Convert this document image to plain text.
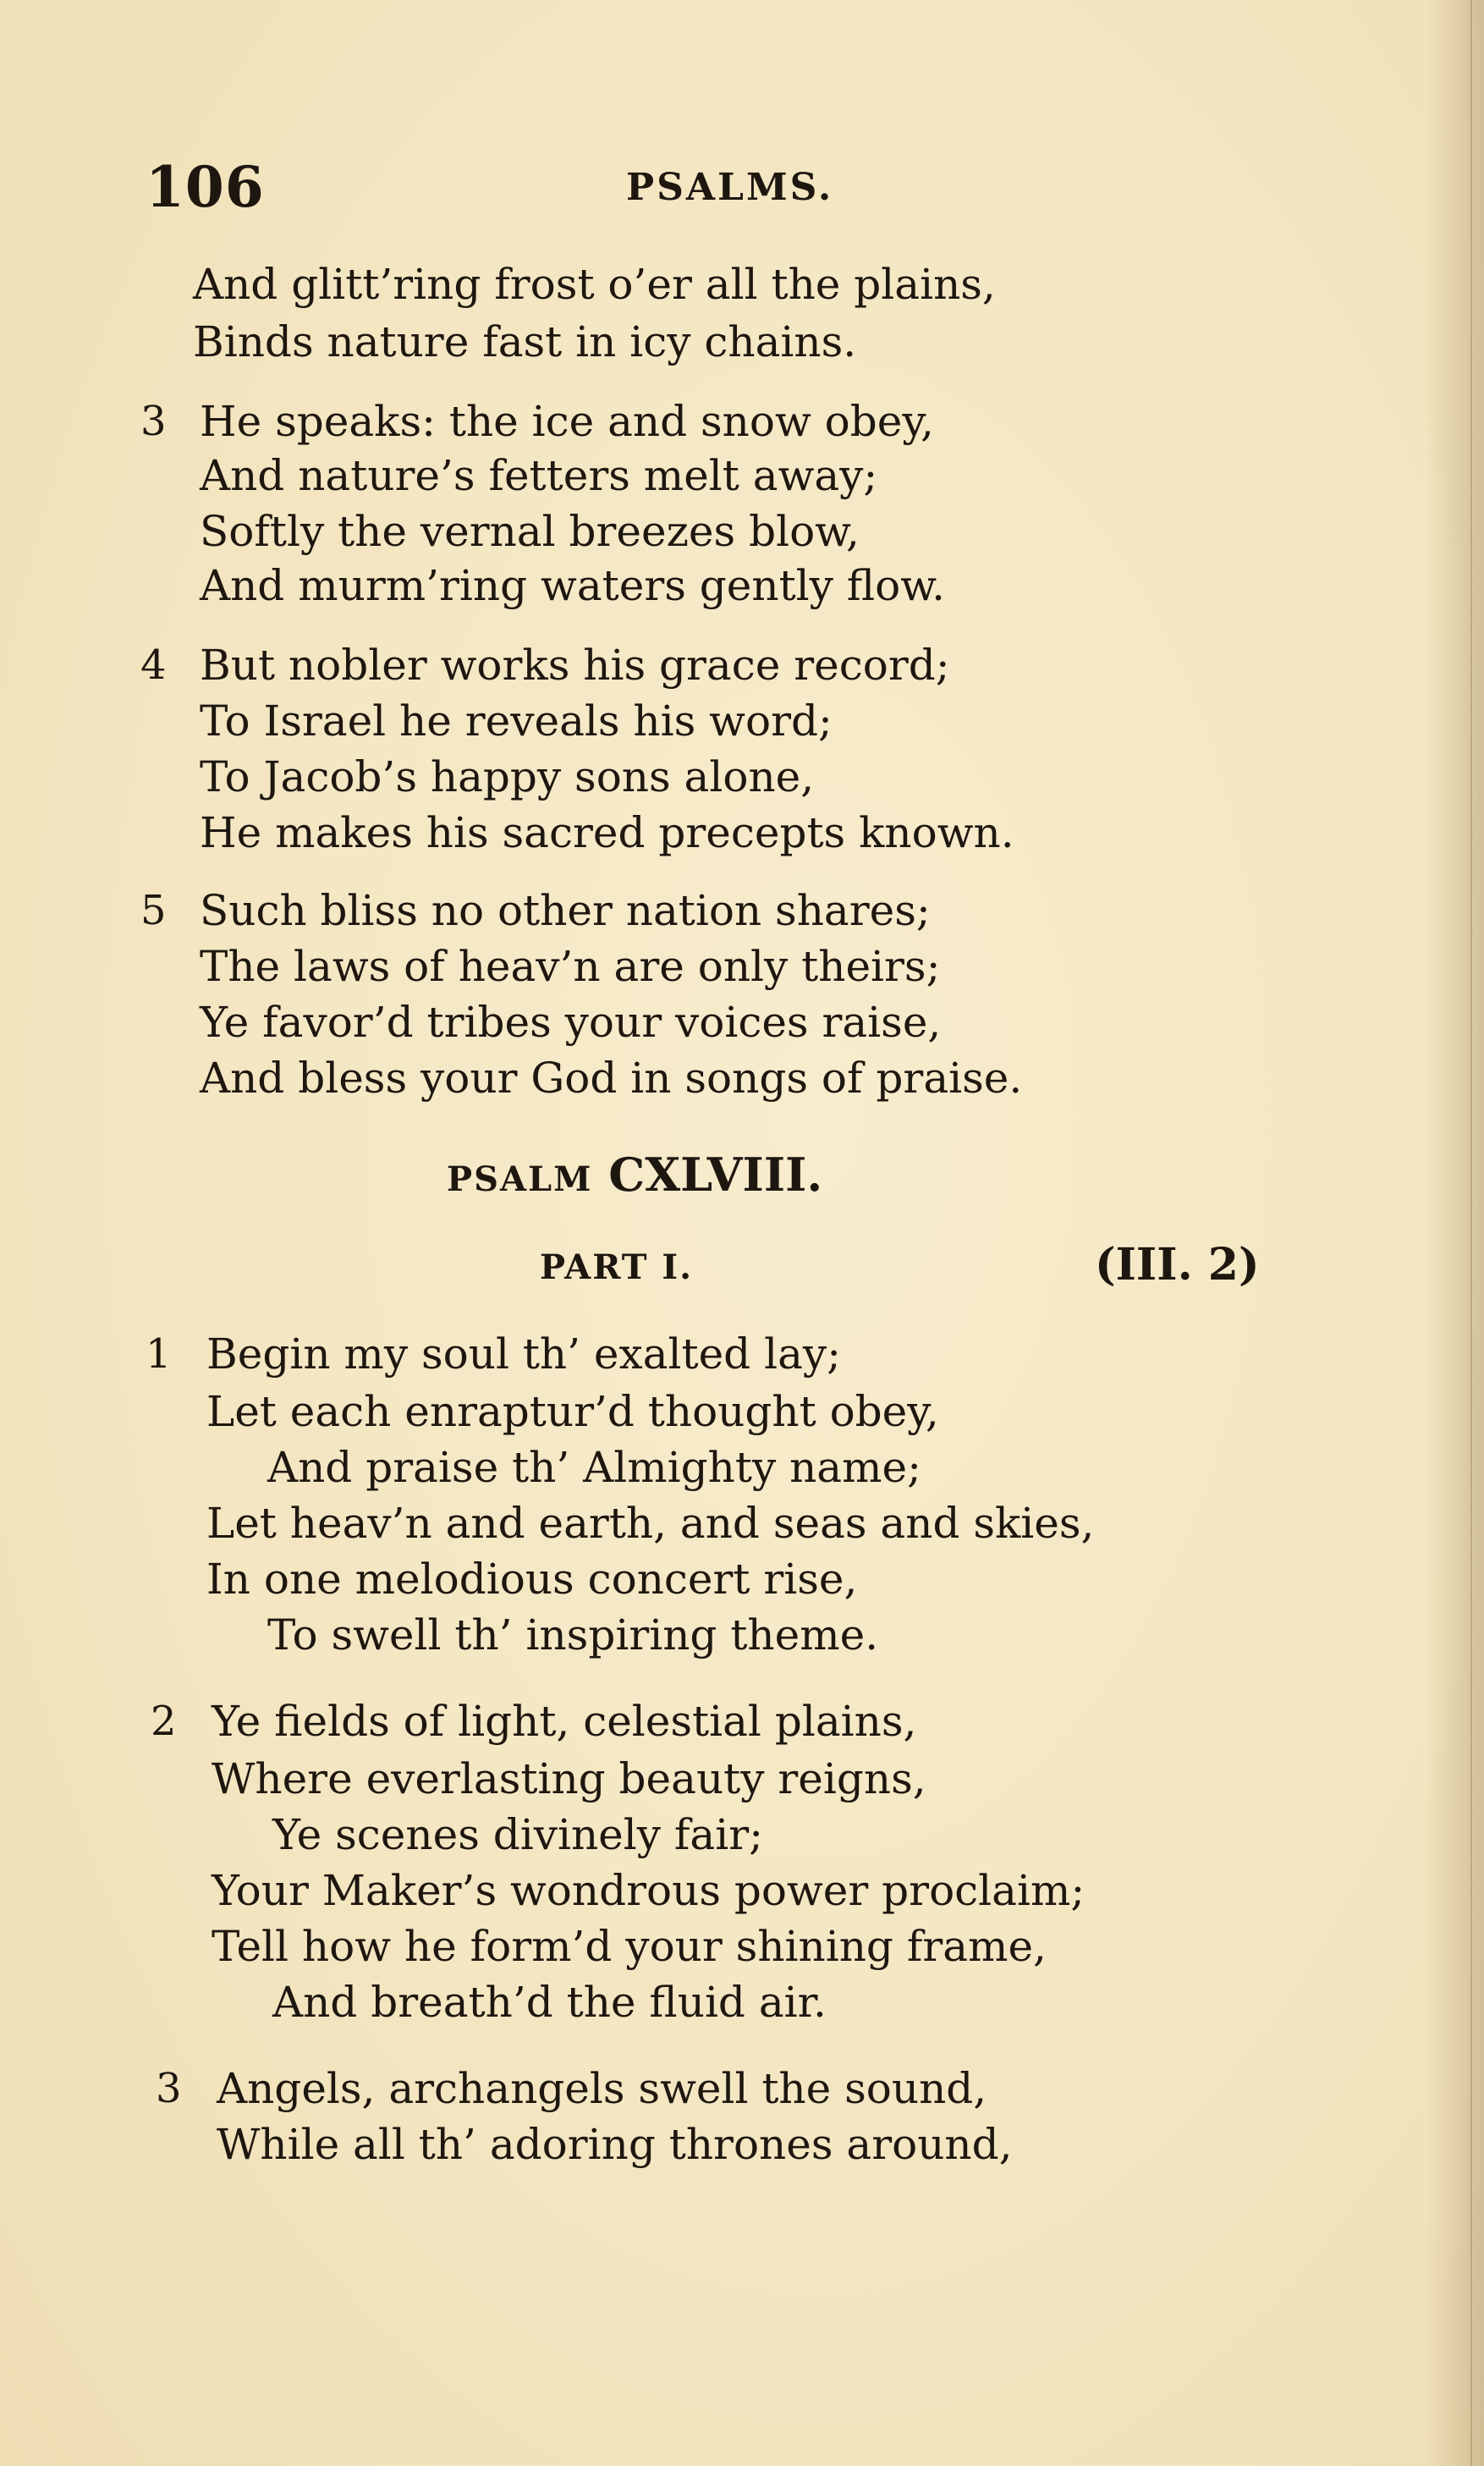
106	PSALMS.
And glitt’ring frost o’er all the plains,
Binds nature fast in icy chains.
3 He speaks: the ice and snow obey,
And nature’s fetters melt away;
Softly the vernal breezes blow,
And murm’ring waters gently flow.
4 But nobler works his grace record;
To Israel he reveals his word;
To Jacob’s happy sons alone,
He makes his sacred precepts known.
5 Such bliss no other nation shares;
The laws of heav’n are only theirs;
Ye favor’d tribes your voices raise,
And bless your God in songs of praise.
PSALM CXLVIII.
PART I.	(III. 2)
1 Begin my soul th’ exalted lay;
Let each enraptur’d thought obey,
And praise th’ Almighty name;
Let heav’n and earth, and seas and skies,
In one melodious concert rise,
To swell th’ inspiring theme.
2 Ye fields of light, celestial plains,
Where everlasting beauty reigns,
Ye scenes divinely fair;
Your Maker’s wondrous power proclaim;
Tell how he form’d your shining frame,
And breath’d the fluid air.
3 Angels, archangels swell the sound,
While all th’ adoring thrones around,
